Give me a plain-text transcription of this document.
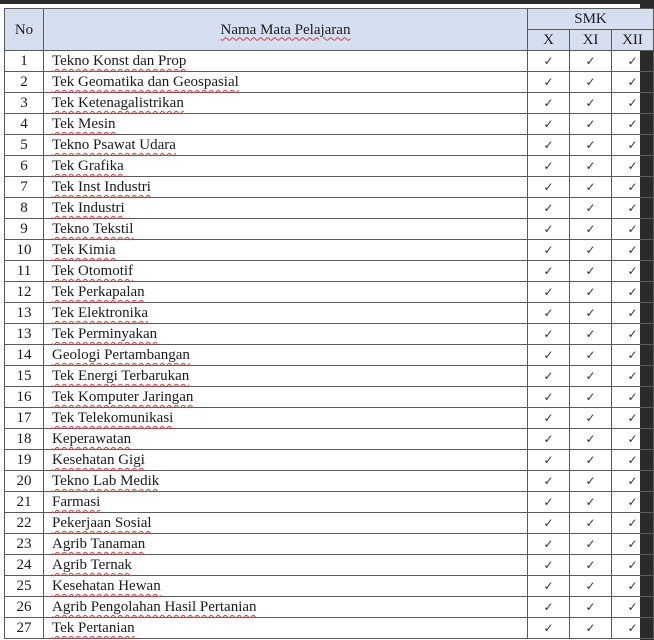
No	Nama Mata Pelajaran	SMK		
		X	XI	XII
1	Tekno Konst dan Prop	✓	✓	✓
2	Tek Geomatika dan Geospasial	✓	✓	✓
3	Tek Ketenagalistrikan	✓	✓	✓
4	Tek Mesin	✓	✓	✓
5	Tekno Psawat Udara	✓	✓	✓
6	Tek Grafika	✓	✓	✓
7	Tek Inst Industri	✓	✓	✓
8	Tek Industri	✓	✓	✓
9	Tekno Tekstil	✓	✓	✓
10	Tek Kimia	✓	✓	✓
11	Tek Otomotif	✓	✓	✓
12	Tek Perkapalan	✓	✓	✓
13	Tek Elektronika	✓	✓	✓
13	Tek Perminyakan	✓	✓	✓
14	Geologi Pertambangan	✓	✓	✓
15	Tek Energi Terbarukan	✓	✓	✓
16	Tek Komputer Jaringan	✓	✓	✓
17	Tek Telekomunikasi	✓	✓	✓
18	Keperawatan	✓	✓	✓
19	Kesehatan Gigi	✓	✓	✓
20	Tekno Lab Medik	✓	✓	✓
21	Farmasi	✓	✓	✓
22	Pekerjaan Sosial	✓	✓	✓
23	Agrib Tanaman	✓	✓	✓
24	Agrib Ternak	✓	✓	✓
25	Kesehatan Hewan	✓	✓	✓
26	Agrib Pengolahan Hasil Pertanian	✓	✓	✓
27	Tek Pertanian	✓	✓	✓
